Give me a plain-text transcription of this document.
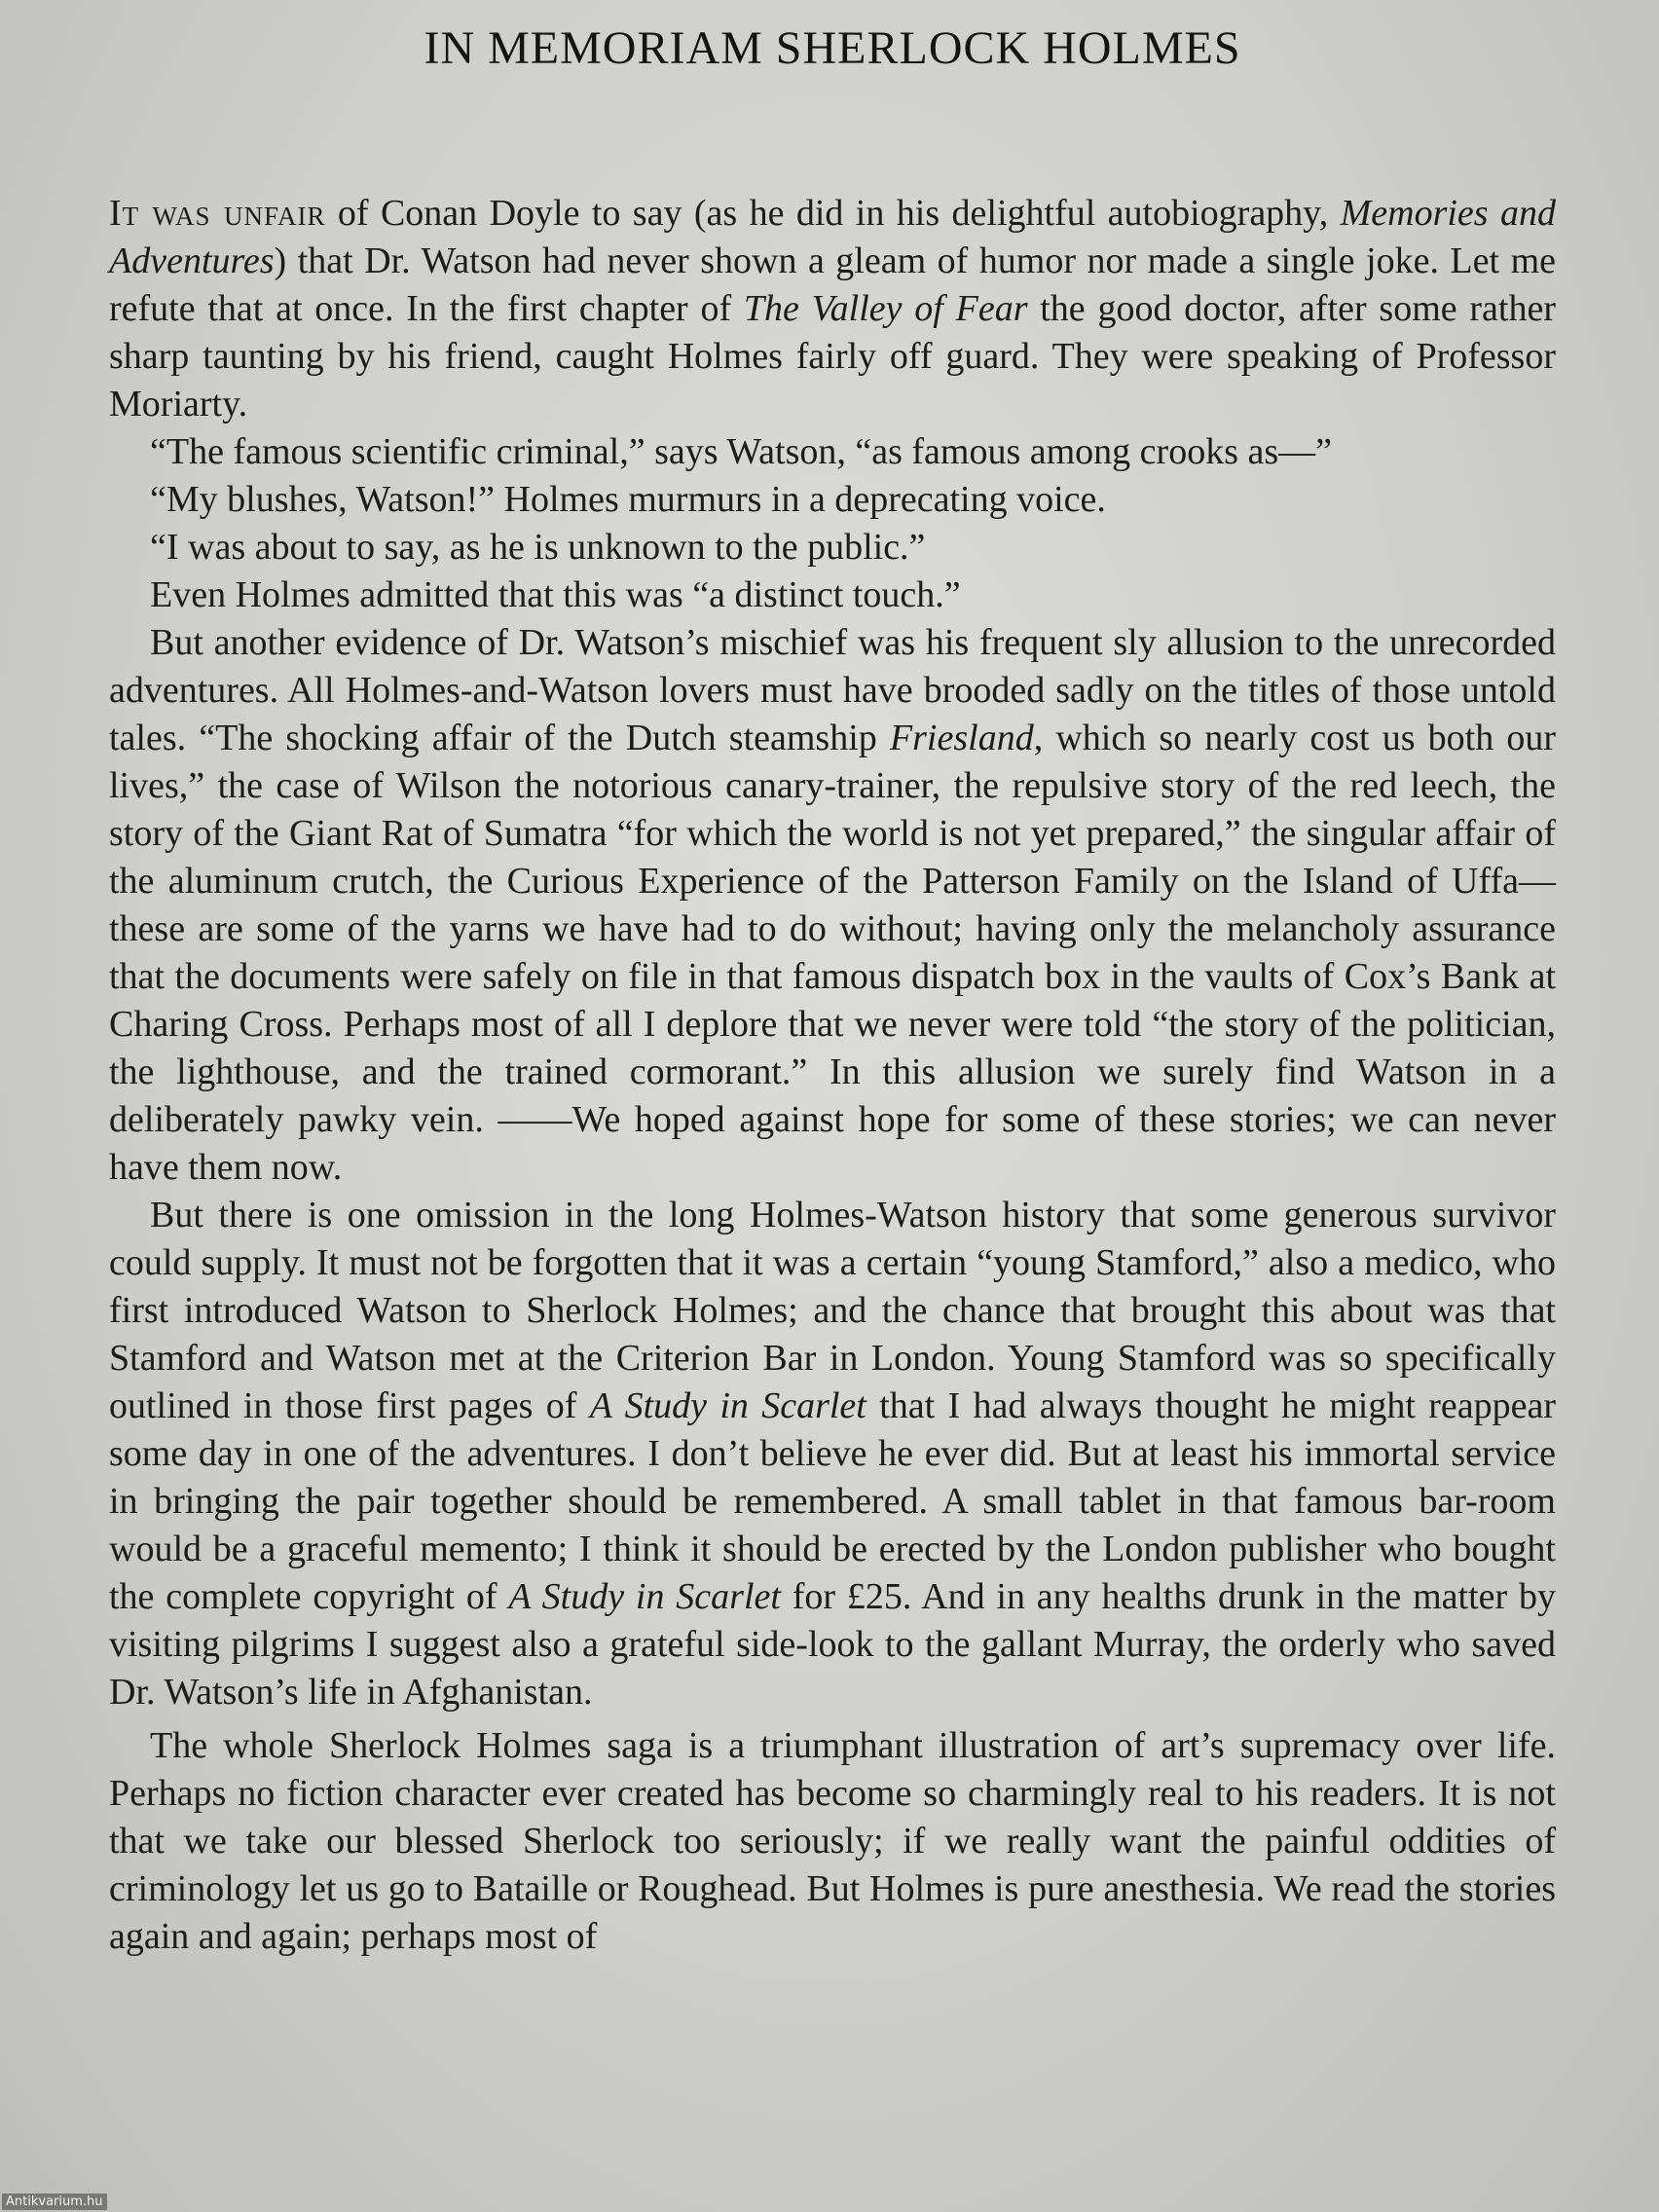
IN MEMORIAM SHERLOCK HOLMES

It was unfair of Conan Doyle to say (as he did in his delightful autobiography, Memories and Adventures) that Dr. Watson had never shown a gleam of humor nor made a single joke. Let me refute that at once. In the first chapter of The Valley of Fear the good doctor, after some rather sharp taunting by his friend, caught Holmes fairly off guard. They were speaking of Professor Moriarty.

“The famous scientific criminal,” says Watson, “as famous among crooks as—”

“My blushes, Watson!” Holmes murmurs in a deprecating voice.

“I was about to say, as he is unknown to the public.”

Even Holmes admitted that this was “a distinct touch.”

But another evidence of Dr. Watson’s mischief was his frequent sly allusion to the unrecorded adventures. All Holmes-and-Watson lovers must have brooded sadly on the titles of those untold tales. “The shocking affair of the Dutch steamship Friesland, which so nearly cost us both our lives,” the case of Wilson the notorious canary-trainer, the repulsive story of the red leech, the story of the Giant Rat of Sumatra “for which the world is not yet prepared,” the singular affair of the aluminum crutch, the Curious Experience of the Patterson Family on the Island of Uffa—these are some of the yarns we have had to do without; having only the melancholy assurance that the documents were safely on file in that famous dispatch box in the vaults of Cox’s Bank at Charing Cross. Perhaps most of all I deplore that we never were told “the story of the politician, the lighthouse, and the trained cormorant.” In this allusion we surely find Watson in a deliberately pawky vein. ——We hoped against hope for some of these stories; we can never have them now.

But there is one omission in the long Holmes-Watson history that some generous survivor could supply. It must not be forgotten that it was a certain “young Stamford,” also a medico, who first introduced Watson to Sherlock Holmes; and the chance that brought this about was that Stamford and Watson met at the Criterion Bar in London. Young Stamford was so specifically outlined in those first pages of A Study in Scarlet that I had always thought he might reappear some day in one of the adventures. I don’t believe he ever did. But at least his immortal service in bringing the pair together should be remembered. A small tablet in that famous bar-room would be a graceful memento; I think it should be erected by the London publisher who bought the complete copyright of A Study in Scarlet for £25. And in any healths drunk in the matter by visiting pilgrims I suggest also a grateful side-look to the gallant Murray, the orderly who saved Dr. Watson’s life in Afghanistan.

The whole Sherlock Holmes saga is a triumphant illustration of art’s supremacy over life. Perhaps no fiction character ever created has become so charmingly real to his readers. It is not that we take our blessed Sherlock too seriously; if we really want the painful oddities of criminology let us go to Bataille or Roughead. But Holmes is pure anesthesia. We read the stories again and again; perhaps most of

Antikvarium.hu
